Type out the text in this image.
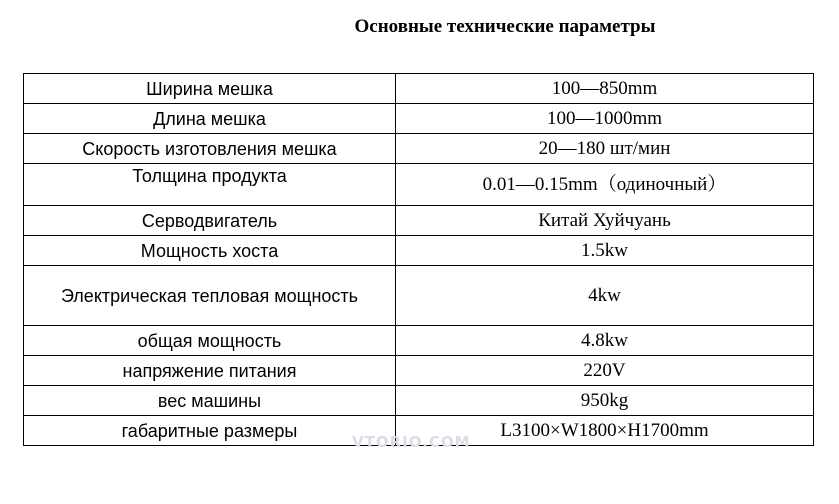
Основные технические параметры
Ширина мешка	100—850mm
Длина мешка	100—1000mm
Скорость изготовления мешка	20—180 шт/мин
Толщина продукта	0.01—0.15mm（одиночный）
Серводвигатель	Китай Хуйчуань
Мощность хоста	1.5kw
Электрическая тепловая мощность	4kw
общая мощность	4.8kw
напряжение питания	220V
вес машины	950kg
габаритные размеры	L3100×W1800×H1700mm
VTORIO.COM
